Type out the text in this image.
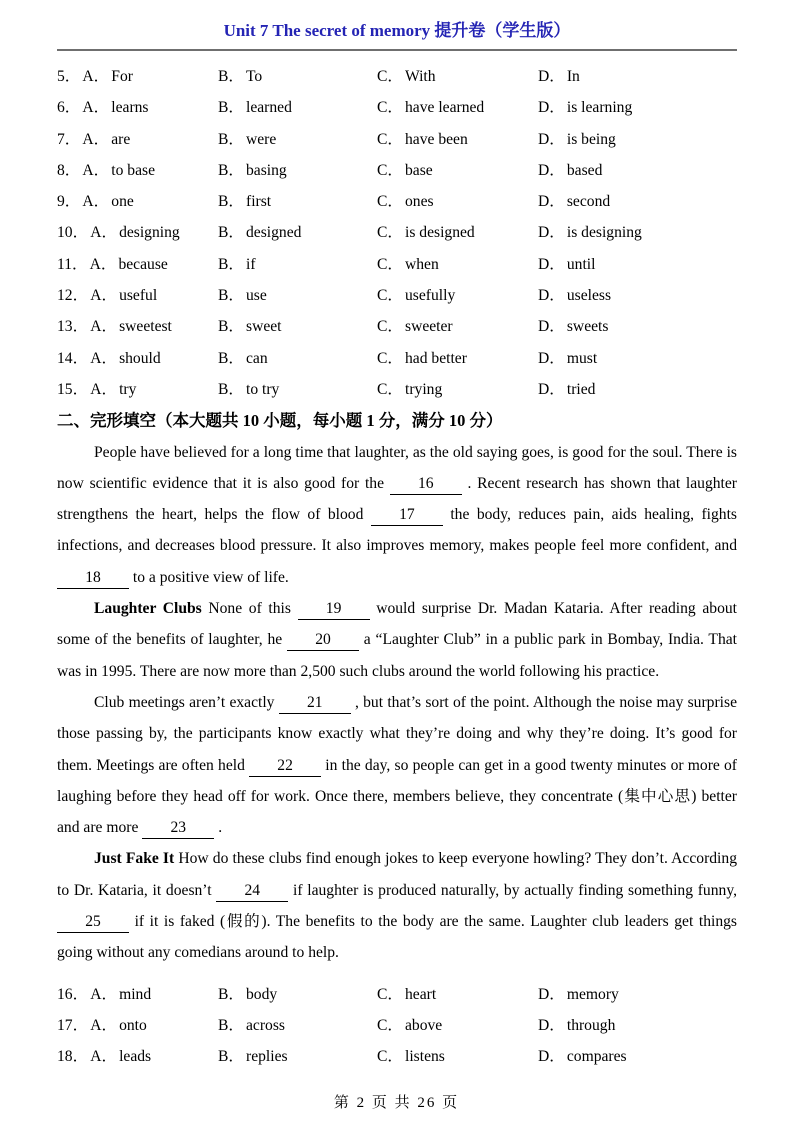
Unit 7 The secret of memory 提升卷（学生版）
5． A． For	B． To	C． With	D． In
6． A． learns	B． learned	C． have learned	D． is learning
7． A． are	B． were	C． have been	D． is being
8． A． to base	B． basing	C． base	D． based
9． A． one	B． first	C． ones	D． second
10． A． designing	B． designed	C． is designed	D． is designing
11． A． because	B． if	C． when	D． until
12． A． useful	B． use	C． usefully	D． useless
13． A． sweetest	B． sweet	C． sweeter	D． sweets
14． A． should	B． can	C． had better	D． must
15． A． try	B． to try	C． trying	D． tried
二、完形填空（本大题共 10 小题，每小题 1 分，满分 10 分）

People have believed for a long time that laughter, as the old saying goes, is good for the soul. There is now scientific evidence that it is also good for the 16 . Recent research has shown that laughter strengthens the heart, helps the flow of blood 17 the body, reduces pain, aids healing, fights infections, and decreases blood pressure. It also improves memory, makes people feel more confident, and 18 to a positive view of life.

Laughter Clubs None of this 19 would surprise Dr. Madan Kataria. After reading about some of the benefits of laughter, he 20 a “Laughter Club” in a public park in Bombay, India. That was in 1995. There are now more than 2,500 such clubs around the world following his practice.

Club meetings aren’t exactly 21 , but that’s sort of the point. Although the noise may surprise those passing by, the participants know exactly what they’re doing and why they’re doing. It’s good for them. Meetings are often held 22 in the day, so people can get in a good twenty minutes or more of laughing before they head off for work. Once there, members believe, they concentrate (集中心思) better and are more 23 .

Just Fake It How do these clubs find enough jokes to keep everyone howling? They don’t. According to Dr. Kataria, it doesn’t 24 if laughter is produced naturally, by actually finding something funny, 25 if it is faked (假的). The benefits to the body are the same. Laughter club leaders get things going without any comedians around to help.

16． A． mind	B． body	C． heart	D． memory
17． A． onto	B． across	C． above	D． through
18． A． leads	B． replies	C． listens	D． compares
第 2 页 共 26 页
